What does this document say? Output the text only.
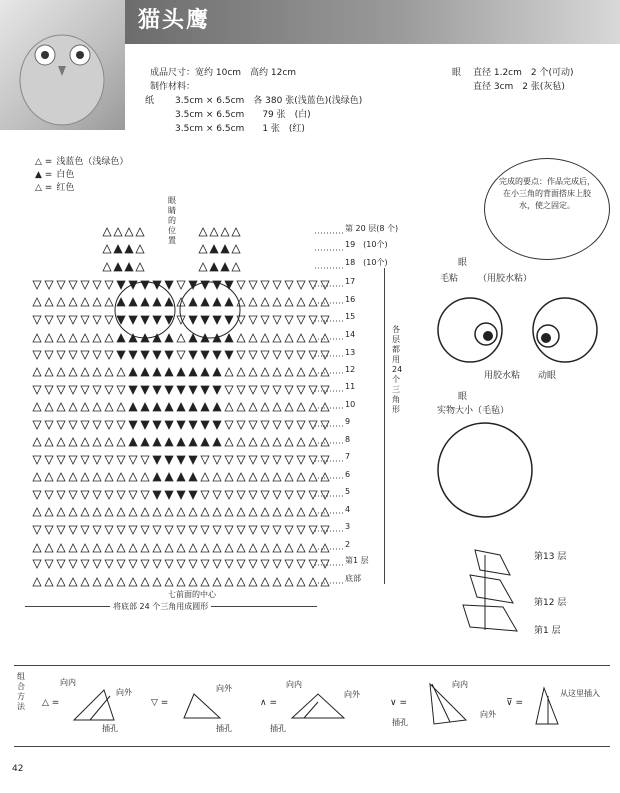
猫头鹰
成品尺寸：宽约 10cm　高约 12cm
制作材料：
纸 3.5cm × 6.5cm　各 380 张(浅蓝色)(浅绿色)
3.5cm × 6.5cm　　79 张　(白)
3.5cm × 6.5cm　　1 张　(红)
眼 直径 1.2cm　2 个(可动)
直径 3cm　2 张(灰毡)
△ = 浅蓝色（浅绿色）
▲ = 白色
△ = 红色
完成的要点：作品完成后，在小三角的背面搭床上胶水，使之固定。
眼睛的位置
第 20 层(8 个)
19　(10个)
18　(10个)
17
16
15
14
13
12
11
10
9
8
7
6
5
4
3
2
第1 层
底部
各层都用 24 个三角形
七前面的中心
将底部 24 个三角用成圆形
眼
毛粘 （用胶水粘）
用胶水粘 动眼
眼
实物大小（毛毡）
第13 层
第12 层
第1 层
组合方法 △ =
向内
向外
插孔
▽ =
向外
插孔
∧ =
向内
向外
插孔
∨ =
向内
向外
插孔
⊽ =
从这里插入
42
